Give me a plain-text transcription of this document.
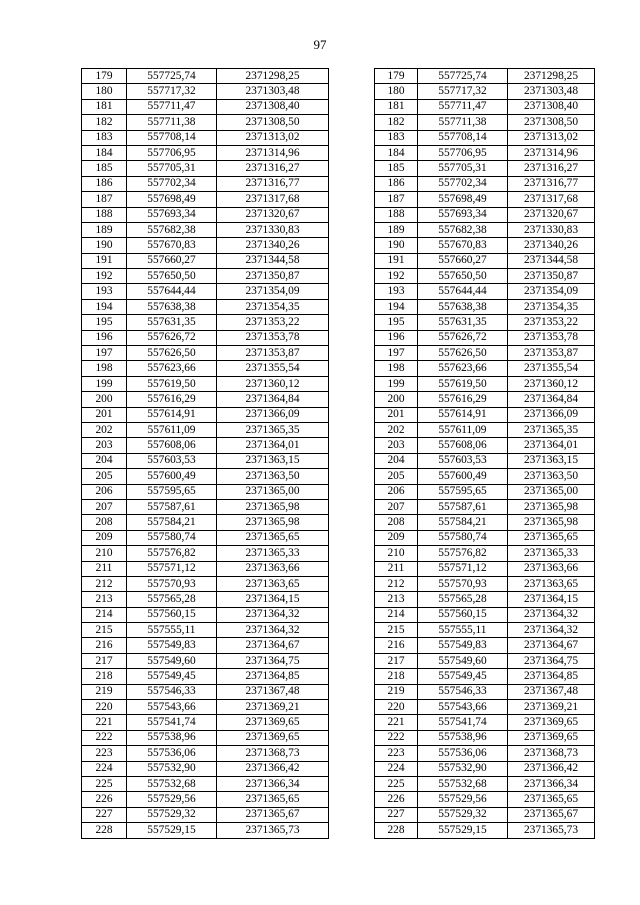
97
179	557725,74	2371298,25		179	557725,74	2371298,25
180	557717,32	2371303,48		180	557717,32	2371303,48
181	557711,47	2371308,40		181	557711,47	2371308,40
182	557711,38	2371308,50		182	557711,38	2371308,50
183	557708,14	2371313,02		183	557708,14	2371313,02
184	557706,95	2371314,96		184	557706,95	2371314,96
185	557705,31	2371316,27		185	557705,31	2371316,27
186	557702,34	2371316,77		186	557702,34	2371316,77
187	557698,49	2371317,68		187	557698,49	2371317,68
188	557693,34	2371320,67		188	557693,34	2371320,67
189	557682,38	2371330,83		189	557682,38	2371330,83
190	557670,83	2371340,26		190	557670,83	2371340,26
191	557660,27	2371344,58		191	557660,27	2371344,58
192	557650,50	2371350,87		192	557650,50	2371350,87
193	557644,44	2371354,09		193	557644,44	2371354,09
194	557638,38	2371354,35		194	557638,38	2371354,35
195	557631,35	2371353,22		195	557631,35	2371353,22
196	557626,72	2371353,78		196	557626,72	2371353,78
197	557626,50	2371353,87		197	557626,50	2371353,87
198	557623,66	2371355,54		198	557623,66	2371355,54
199	557619,50	2371360,12		199	557619,50	2371360,12
200	557616,29	2371364,84		200	557616,29	2371364,84
201	557614,91	2371366,09		201	557614,91	2371366,09
202	557611,09	2371365,35		202	557611,09	2371365,35
203	557608,06	2371364,01		203	557608,06	2371364,01
204	557603,53	2371363,15		204	557603,53	2371363,15
205	557600,49	2371363,50		205	557600,49	2371363,50
206	557595,65	2371365,00		206	557595,65	2371365,00
207	557587,61	2371365,98		207	557587,61	2371365,98
208	557584,21	2371365,98		208	557584,21	2371365,98
209	557580,74	2371365,65		209	557580,74	2371365,65
210	557576,82	2371365,33		210	557576,82	2371365,33
211	557571,12	2371363,66		211	557571,12	2371363,66
212	557570,93	2371363,65		212	557570,93	2371363,65
213	557565,28	2371364,15		213	557565,28	2371364,15
214	557560,15	2371364,32		214	557560,15	2371364,32
215	557555,11	2371364,32		215	557555,11	2371364,32
216	557549,83	2371364,67		216	557549,83	2371364,67
217	557549,60	2371364,75		217	557549,60	2371364,75
218	557549,45	2371364,85		218	557549,45	2371364,85
219	557546,33	2371367,48		219	557546,33	2371367,48
220	557543,66	2371369,21		220	557543,66	2371369,21
221	557541,74	2371369,65		221	557541,74	2371369,65
222	557538,96	2371369,65		222	557538,96	2371369,65
223	557536,06	2371368,73		223	557536,06	2371368,73
224	557532,90	2371366,42		224	557532,90	2371366,42
225	557532,68	2371366,34		225	557532,68	2371366,34
226	557529,56	2371365,65		226	557529,56	2371365,65
227	557529,32	2371365,67		227	557529,32	2371365,67
228	557529,15	2371365,73		228	557529,15	2371365,73
